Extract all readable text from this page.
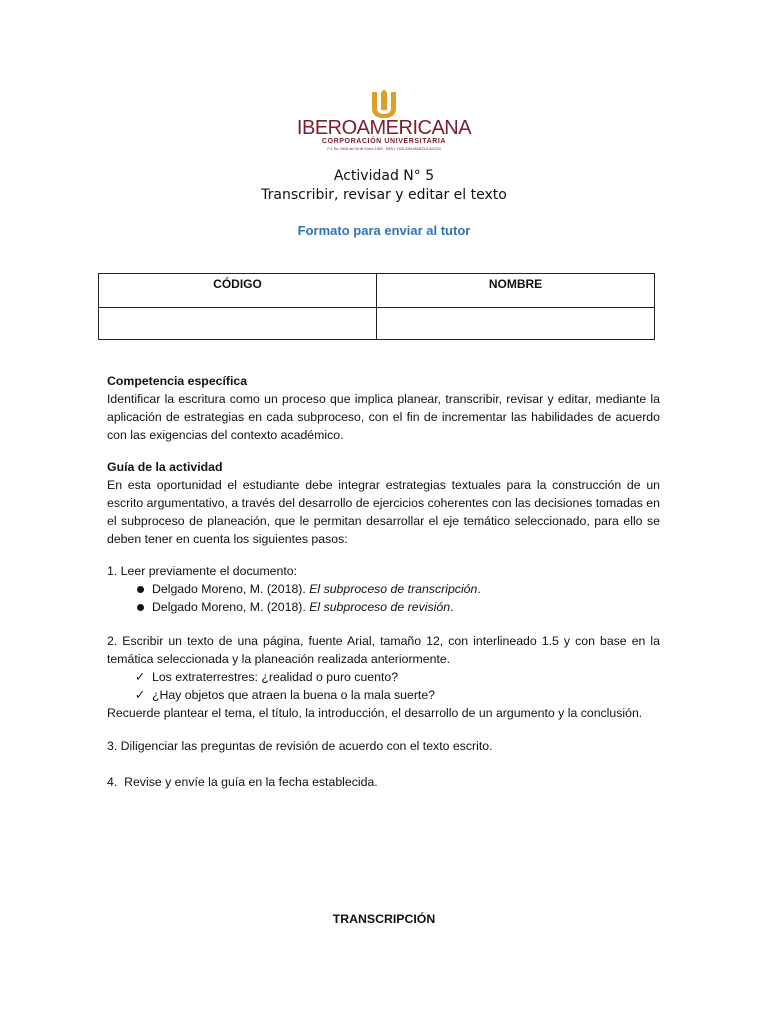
IBEROAMERICANA
CORPORACIÓN UNIVERSITARIA
P.J. No. 9408 del 06 de Enero 1983 - MEN | VIGILADA MINEDUCACIÓN
Actividad N° 5
Transcribir, revisar y editar el texto
Formato para enviar al tutor
CÓDIGO	NOMBRE

Competencia específica

Identificar la escritura como un proceso que implica planear, transcribir, revisar y editar, mediante la aplicación de estrategias en cada subproceso, con el fin de incrementar las habilidades de acuerdo con las exigencias del contexto académico.

Guía de la actividad

En esta oportunidad el estudiante debe integrar estrategias textuales para la construcción de un escrito argumentativo, a través del desarrollo de ejercicios coherentes con las decisiones tomadas en el subproceso de planeación, que le permitan desarrollar el eje temático seleccionado, para ello se deben tener en cuenta los siguientes pasos:

1. Leer previamente el documento:

Delgado Moreno, M. (2018). El subproceso de transcripción.
Delgado Moreno, M. (2018). El subproceso de revisión.

2. Escribir un texto de una página, fuente Arial, tamaño 12, con interlineado 1.5 y con base en la temática seleccionada y la planeación realizada anteriormente.

✓ Los extraterrestres: ¿realidad o puro cuento?
✓ ¿Hay objetos que atraen la buena o la mala suerte?

Recuerde plantear el tema, el título, la introducción, el desarrollo de un argumento y la conclusión.

3. Diligenciar las preguntas de revisión de acuerdo con el texto escrito.

4.  Revise y envíe la guía en la fecha establecida.

TRANSCRIPCIÓN
